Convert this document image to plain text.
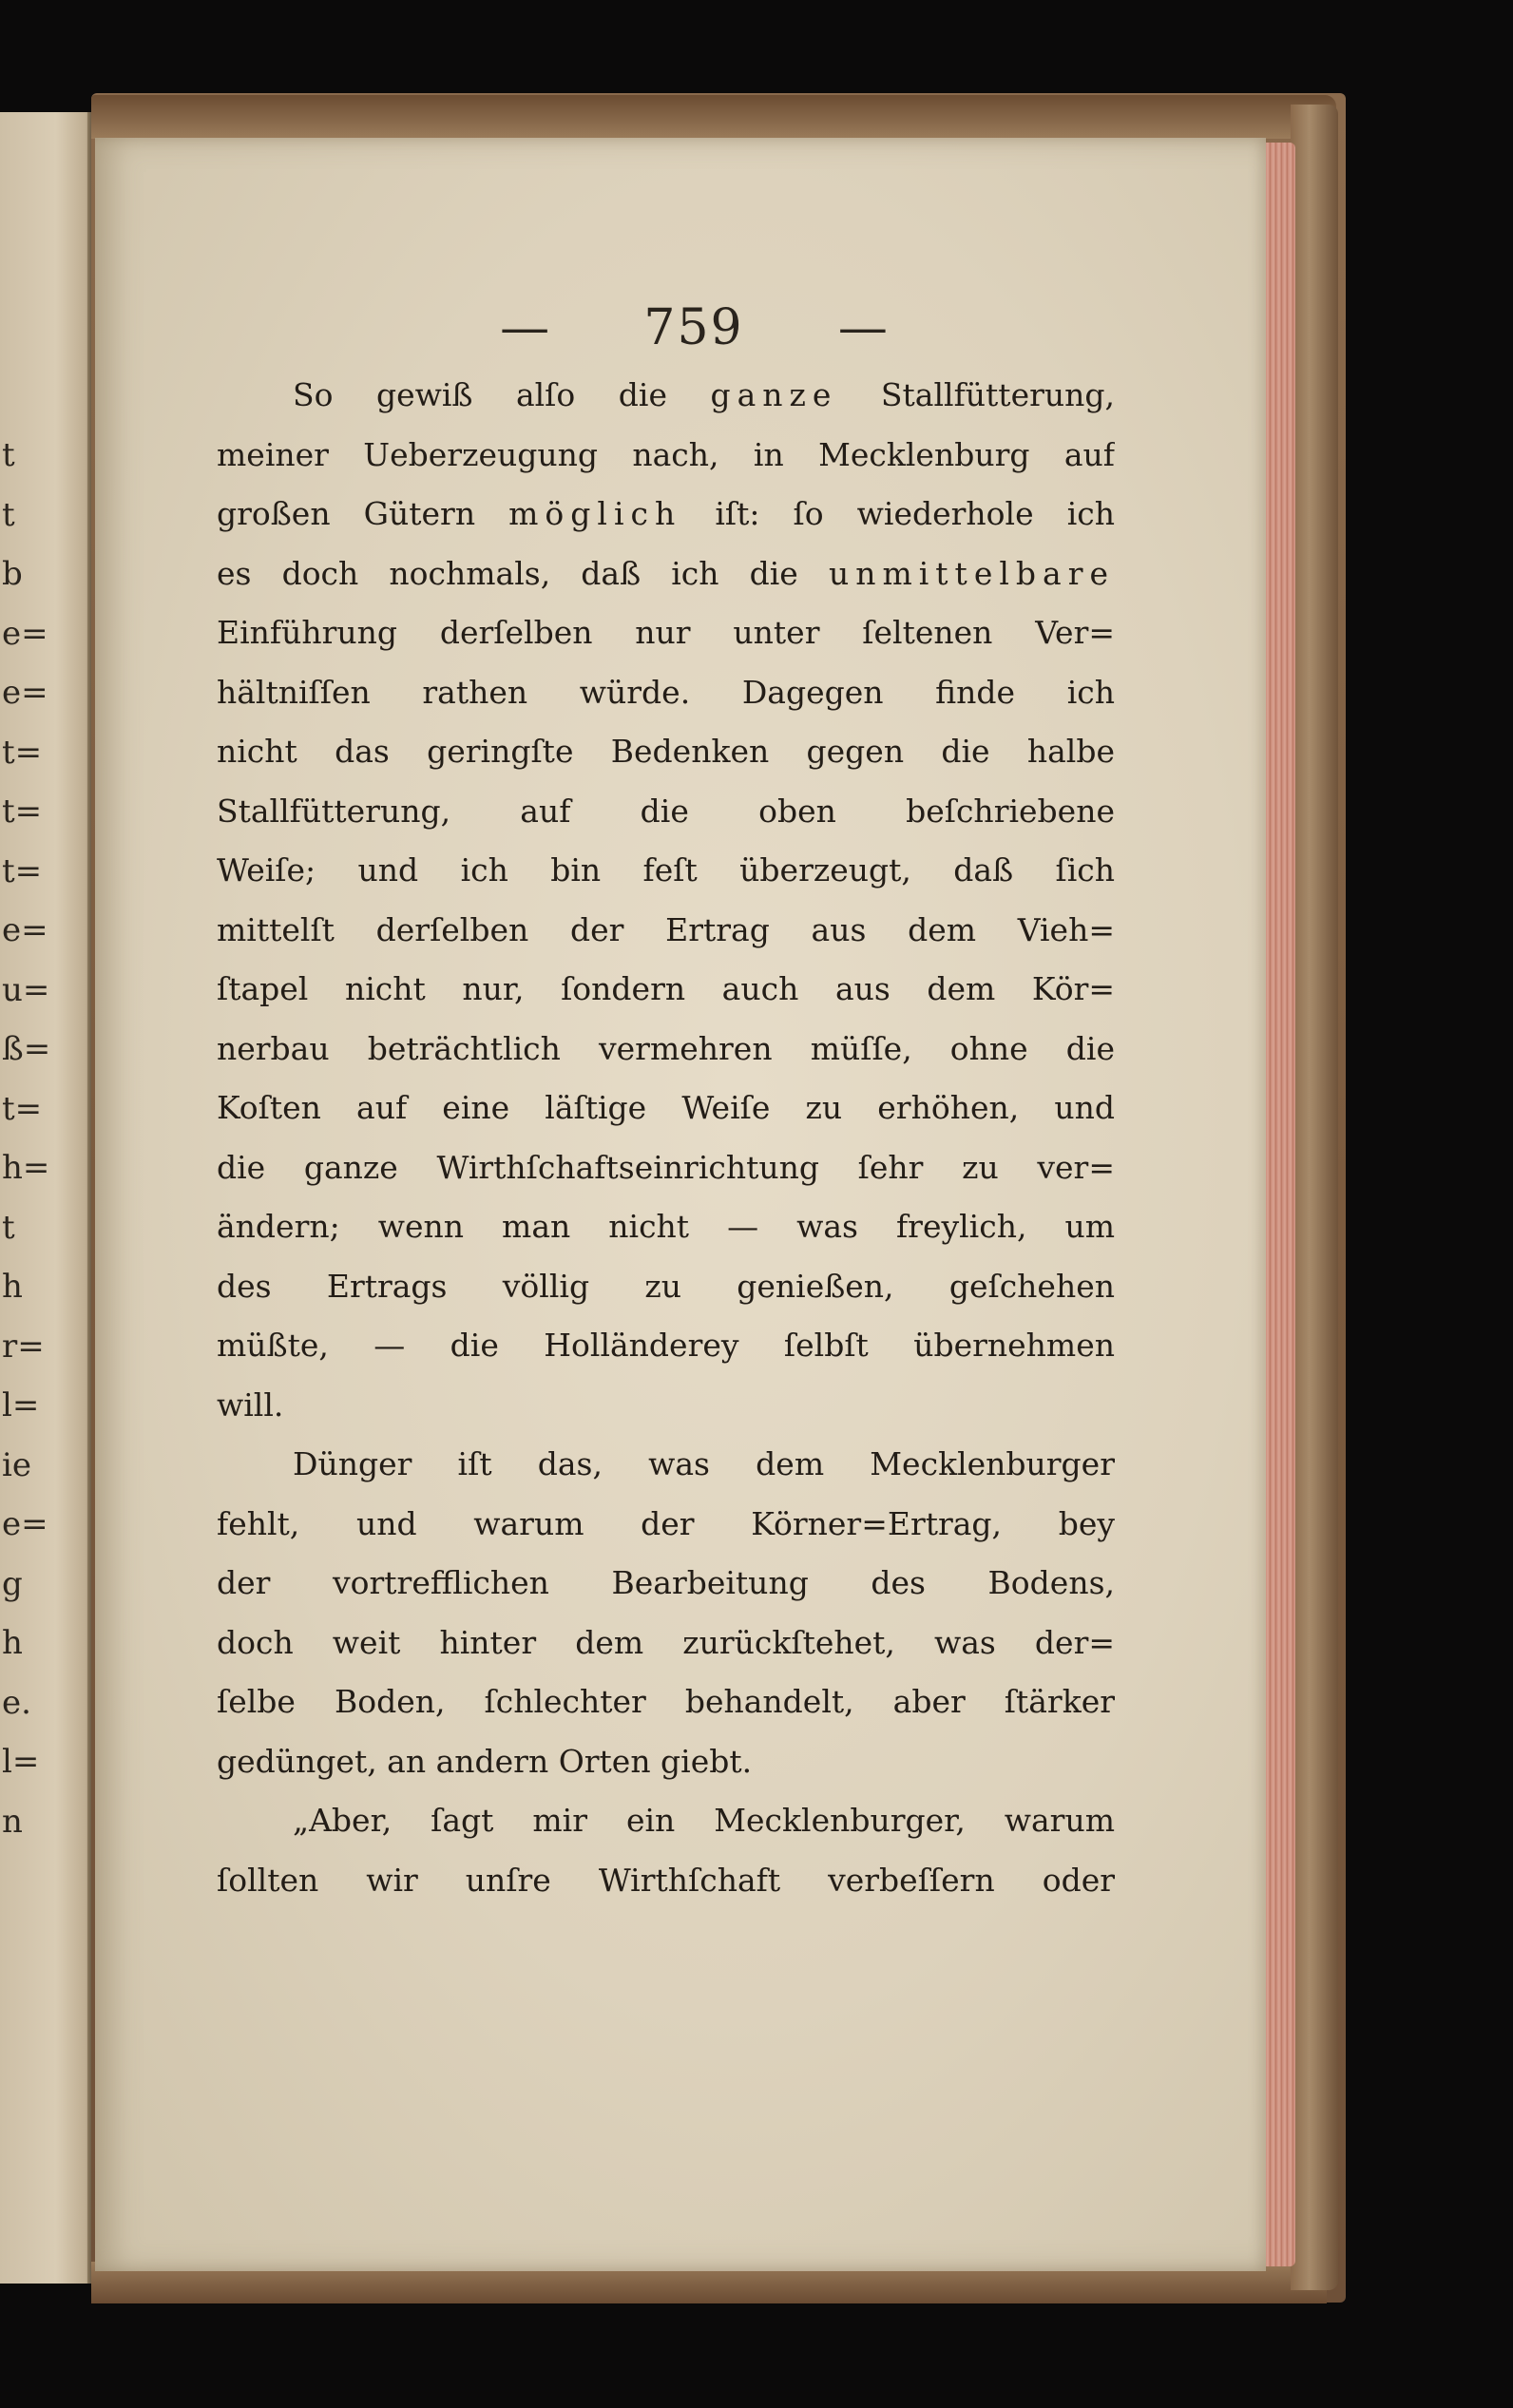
t
t
b
e=
e=
t=
t=
t=
e=
u=
ß=
t=
h=
t
h
r=
l=
ie
e=
g
h
e.
l=
n
— 759 —
So gewiß alſo die ganze Stallfütterung,
meiner Ueberzeugung nach, in Mecklenburg auf
großen Gütern möglich iſt: ſo wiederhole ich
es doch nochmals, daß ich die unmittelbare
Einführung derſelben nur unter ſeltenen Ver=
hältniſſen rathen würde. Dagegen finde ich
nicht das geringſte Bedenken gegen die halbe
Stallfütterung, auf die oben beſchriebene
Weiſe; und ich bin feſt überzeugt, daß ſich
mittelſt derſelben der Ertrag aus dem Vieh=
ſtapel nicht nur, ſondern auch aus dem Kör=
nerbau beträchtlich vermehren müſſe, ohne die
Koſten auf eine läſtige Weiſe zu erhöhen, und
die ganze Wirthſchaftseinrichtung ſehr zu ver=
ändern; wenn man nicht — was freylich, um
des Ertrags völlig zu genießen, geſchehen
müßte, — die Holländerey ſelbſt übernehmen
will.
Dünger iſt das, was dem Mecklenburger
fehlt, und warum der Körner=Ertrag, bey
der vortrefflichen Bearbeitung des Bodens,
doch weit hinter dem zurückſtehet, was der=
ſelbe Boden, ſchlechter behandelt, aber ſtärker
gedünget, an andern Orten giebt.
„Aber, ſagt mir ein Mecklenburger, warum
ſollten wir unſre Wirthſchaft verbeſſern oder
